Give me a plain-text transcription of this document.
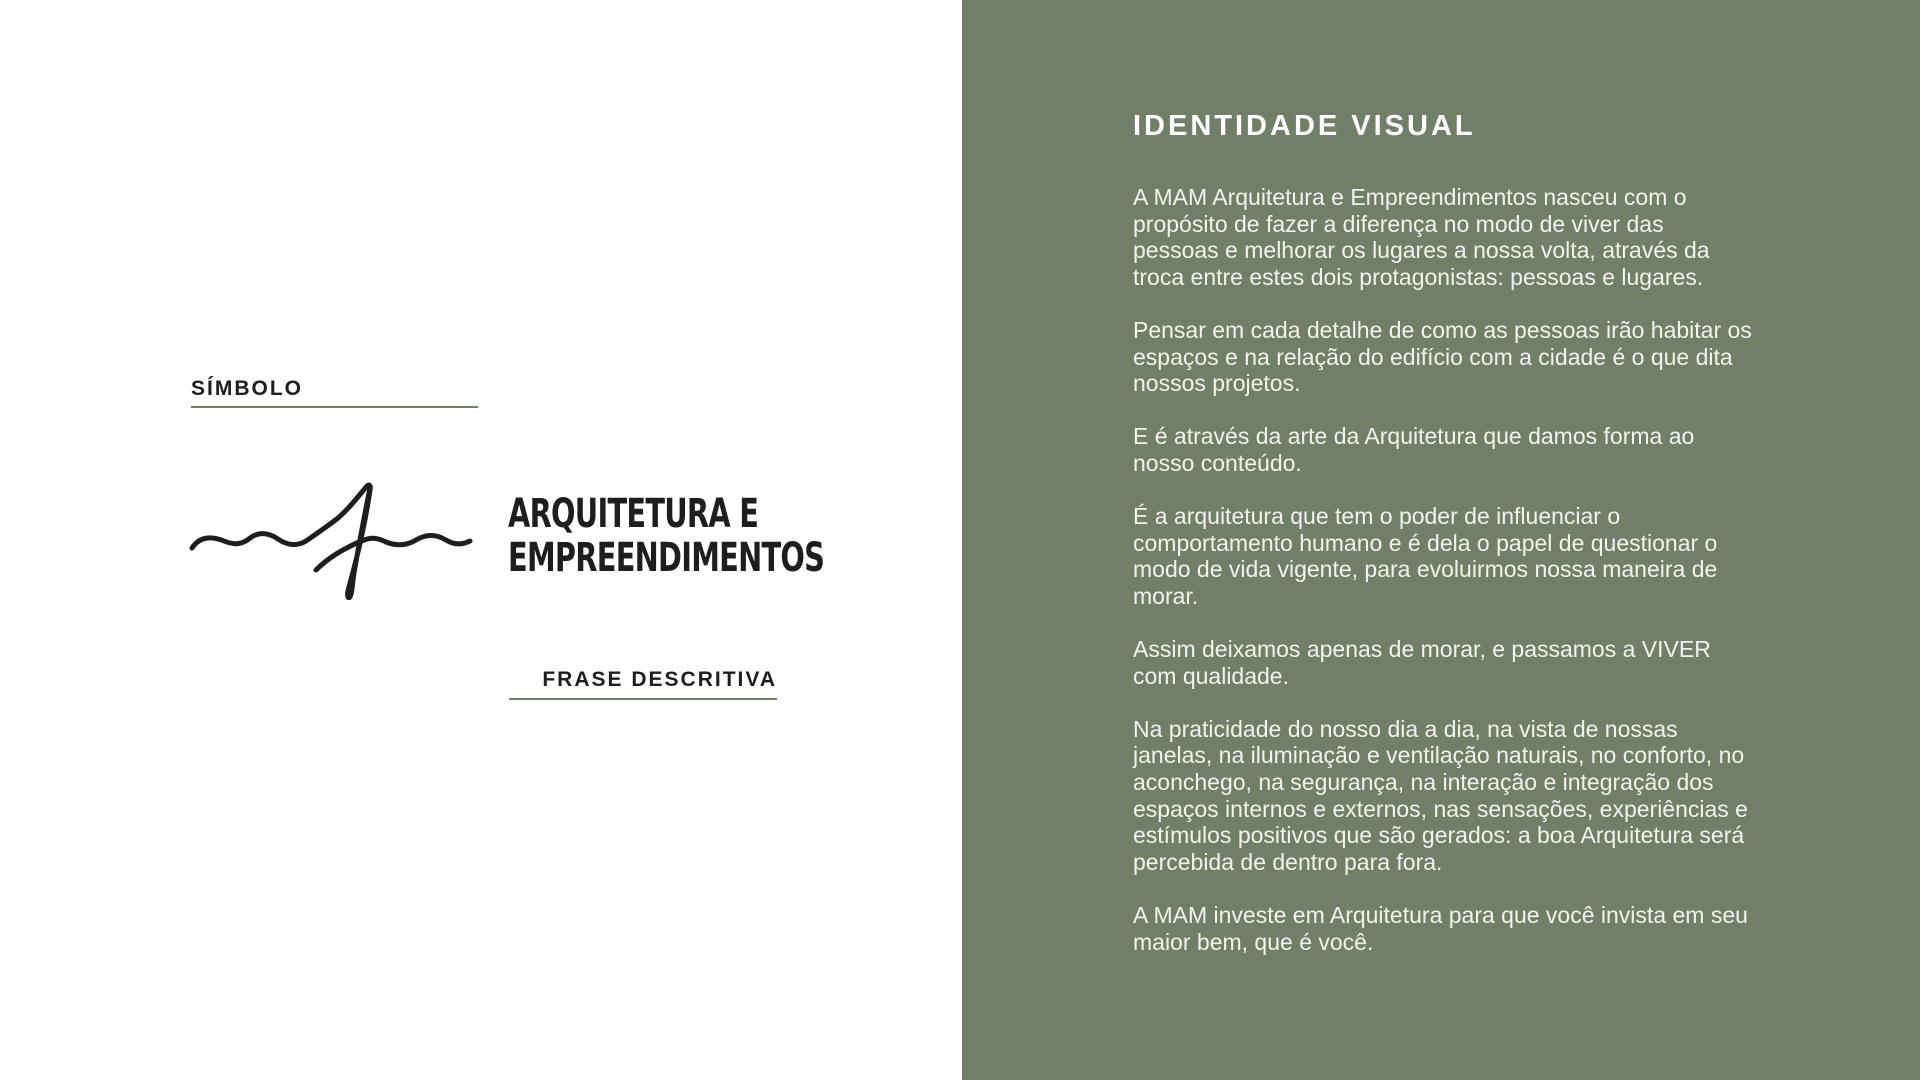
SÍMBOLO
ARQUITETURA E
EMPREENDIMENTOS
FRASE DESCRITIVA
IDENTIDADE VISUAL

A MAM Arquitetura e Empreendimentos nasceu com o propósito de fazer a diferença no modo de viver das pessoas e melhorar os lugares a nossa volta, através da troca entre estes dois protagonistas: pessoas e lugares.

Pensar em cada detalhe de como as pessoas irão habitar os espaços e na relação do edifício com a cidade é o que dita nossos projetos.

E é através da arte da Arquitetura que damos forma ao nosso conteúdo.

É a arquitetura que tem o poder de influenciar o comportamento humano e é dela o papel de questionar o modo de vida vigente, para evoluirmos nossa maneira de morar.

Assim deixamos apenas de morar, e passamos a VIVER com qualidade.

Na praticidade do nosso dia a dia, na vista de nossas janelas, na iluminação e ventilação naturais, no conforto, no aconchego, na segurança, na interação e integração dos espaços internos e externos, nas sensações, experiências e estímulos positivos que são gerados: a boa Arquitetura será percebida de dentro para fora.

A MAM investe em Arquitetura para que você invista em seu maior bem, que é você.
